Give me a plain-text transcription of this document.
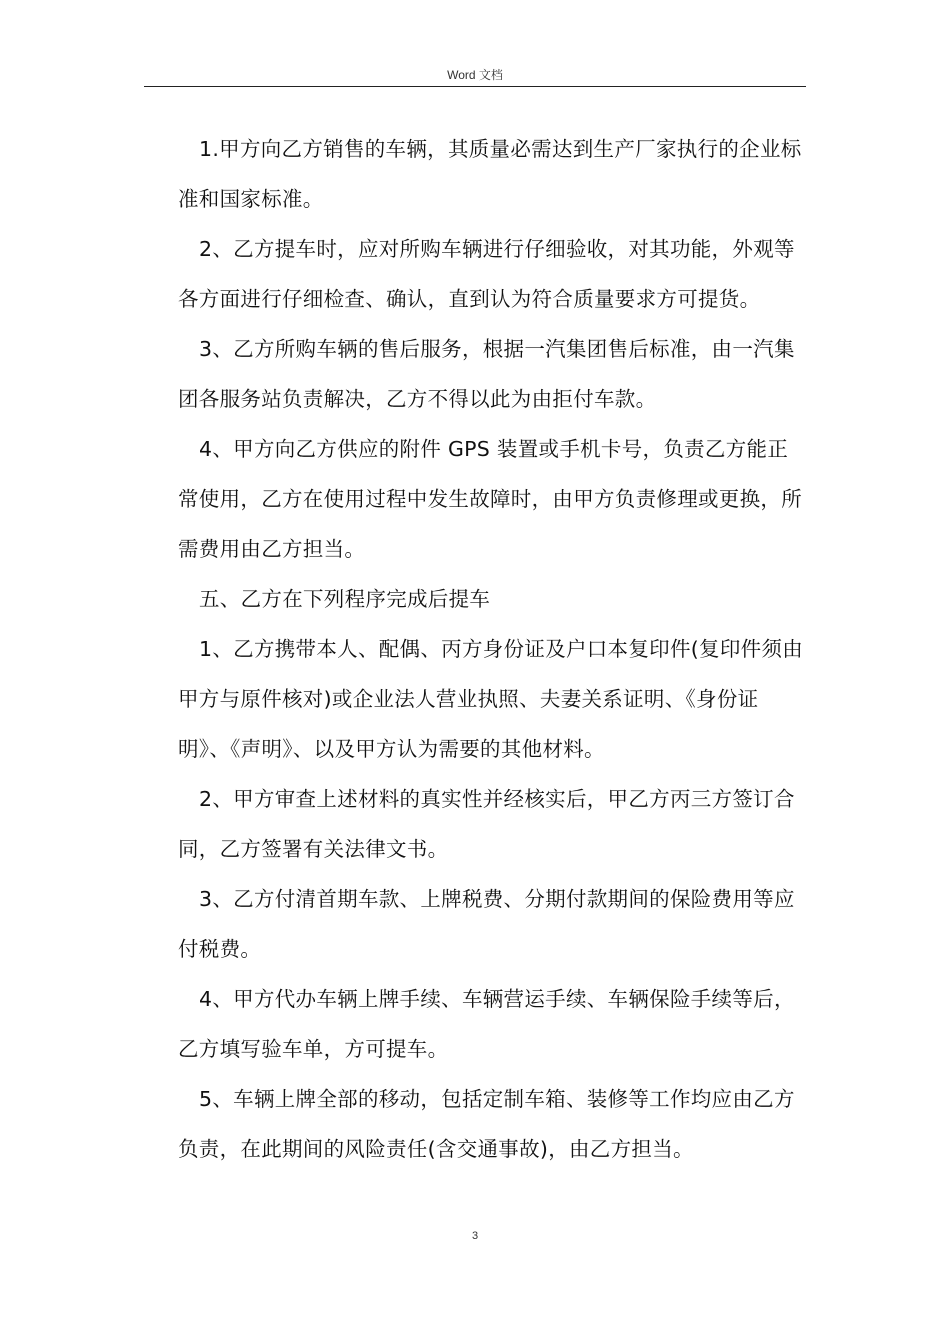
Word 文档

1.甲方向乙方销售的车辆，其质量必需达到生产厂家执行的企业标准和国家标准。

2、乙方提车时，应对所购车辆进行仔细验收，对其功能，外观等各方面进行仔细检查、确认，直到认为符合质量要求方可提货。

3、乙方所购车辆的售后服务，根据一汽集团售后标准，由一汽集团各服务站负责解决，乙方不得以此为由拒付车款。

4、甲方向乙方供应的附件 GPS 装置或手机卡号，负责乙方能正常使用，乙方在使用过程中发生故障时，由甲方负责修理或更换，所需费用由乙方担当。

五、乙方在下列程序完成后提车

1、乙方携带本人、配偶、丙方身份证及户口本复印件(复印件须由甲方与原件核对)或企业法人营业执照、夫妻关系证明、《身份证明》、《声明》、以及甲方认为需要的其他材料。

2、甲方审查上述材料的真实性并经核实后，甲乙方丙三方签订合同，乙方签署有关法律文书。

3、乙方付清首期车款、上牌税费、分期付款期间的保险费用等应付税费。

4、甲方代办车辆上牌手续、车辆营运手续、车辆保险手续等后，乙方填写验车单，方可提车。

5、车辆上牌全部的移动，包括定制车箱、装修等工作均应由乙方负责，在此期间的风险责任(含交通事故)，由乙方担当。

3
